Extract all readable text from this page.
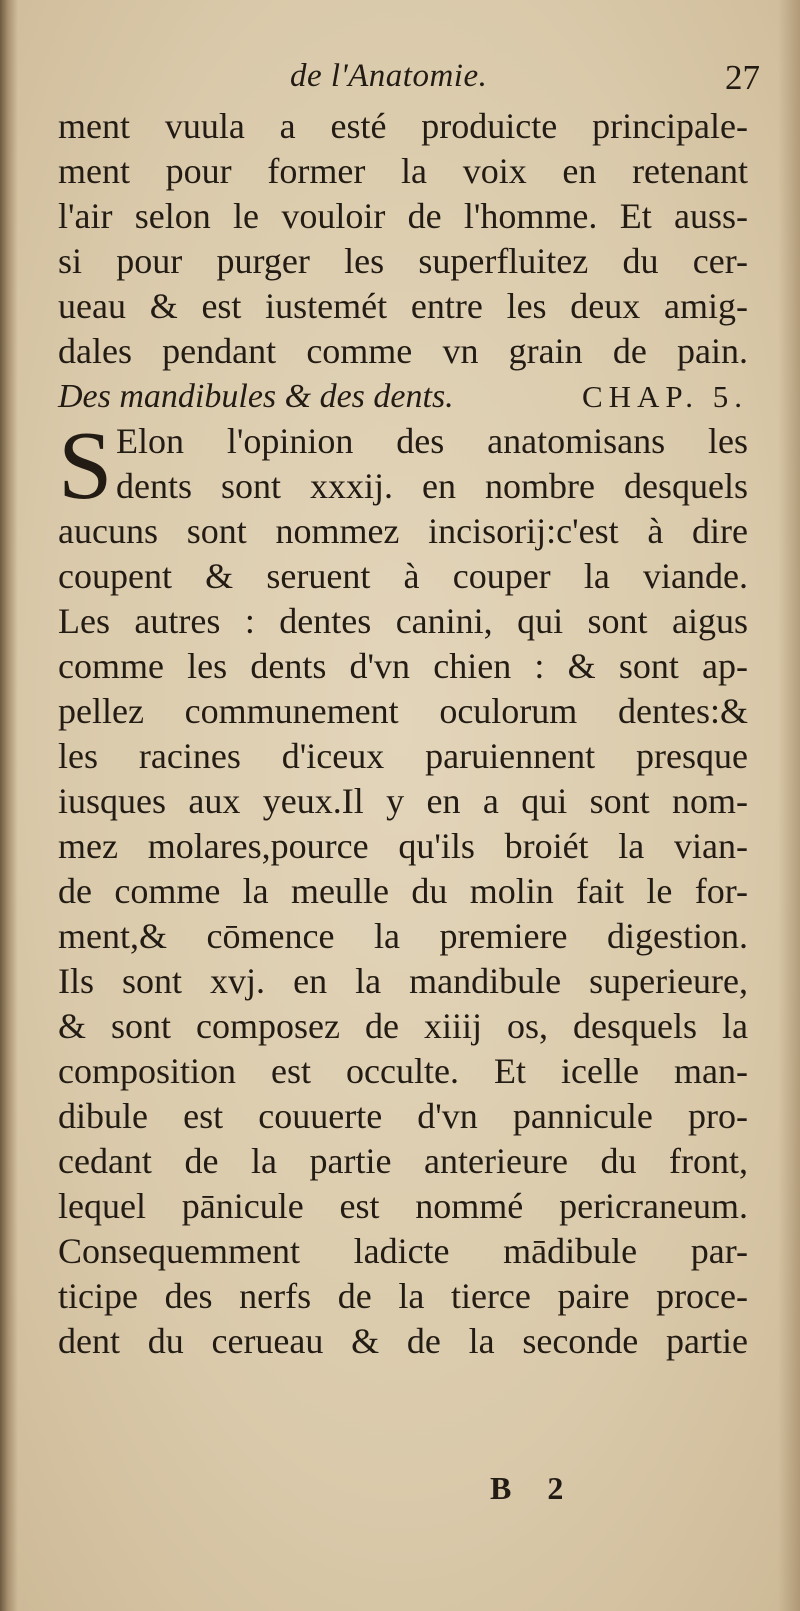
de l'Anatomie.	27
ment vuula a esté produicte principale-
ment pour former la voix en retenant
l'air selon le vouloir de l'homme. Et auss-
si pour purger les superfluitez du cer-
ueau & est iustemét entre les deux amig-
dales pendant comme vn grain de pain.
Des mandibules & des dents.	CHAP. 5.
S Elon l'opinion des anatomisans les
dents sont xxxij. en nombre desquels
aucuns sont nommez incisorij:c'est à dire
coupent & seruent à couper la viande.
Les autres : dentes canini, qui sont aigus
comme les dents d'vn chien : & sont ap-
pellez communement oculorum dentes:&
les racines d'iceux paruiennent presque
iusques aux yeux.Il y en a qui sont nom-
mez molares,pource qu'ils broiét la vian-
de comme la meulle du molin fait le for-
ment,& cōmence la premiere digestion.
Ils sont xvj. en la mandibule superieure,
& sont composez de xiiij os, desquels la
composition est occulte. Et icelle man-
dibule est couuerte d'vn pannicule pro-
cedant de la partie anterieure du front,
lequel pānicule est nommé pericraneum.
Consequemment ladicte mādibule par-
ticipe des nerfs de la tierce paire proce-
dent du cerueau & de la seconde partie
B 2
